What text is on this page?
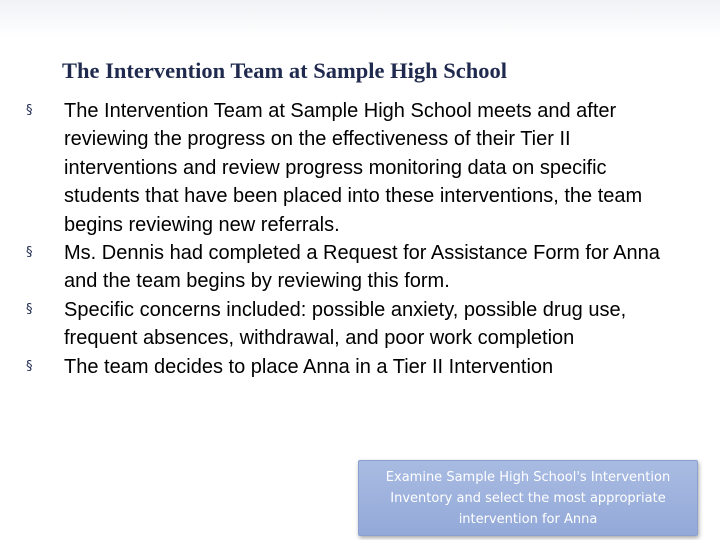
The Intervention Team at Sample High School
§	The Intervention Team at Sample High School meets and after reviewing the progress on the effectiveness of their Tier II interventions and review progress monitoring data on specific students that have been placed into these interventions, the team begins reviewing new referrals.
§	Ms. Dennis had completed a Request for Assistance Form for Anna and the team begins by reviewing this form.
§	Specific concerns included: possible anxiety, possible drug use, frequent absences, withdrawal, and poor work completion
§	The team decides to place Anna in a Tier II Intervention
Examine Sample High School's Intervention Inventory and select the most appropriate intervention for Anna
